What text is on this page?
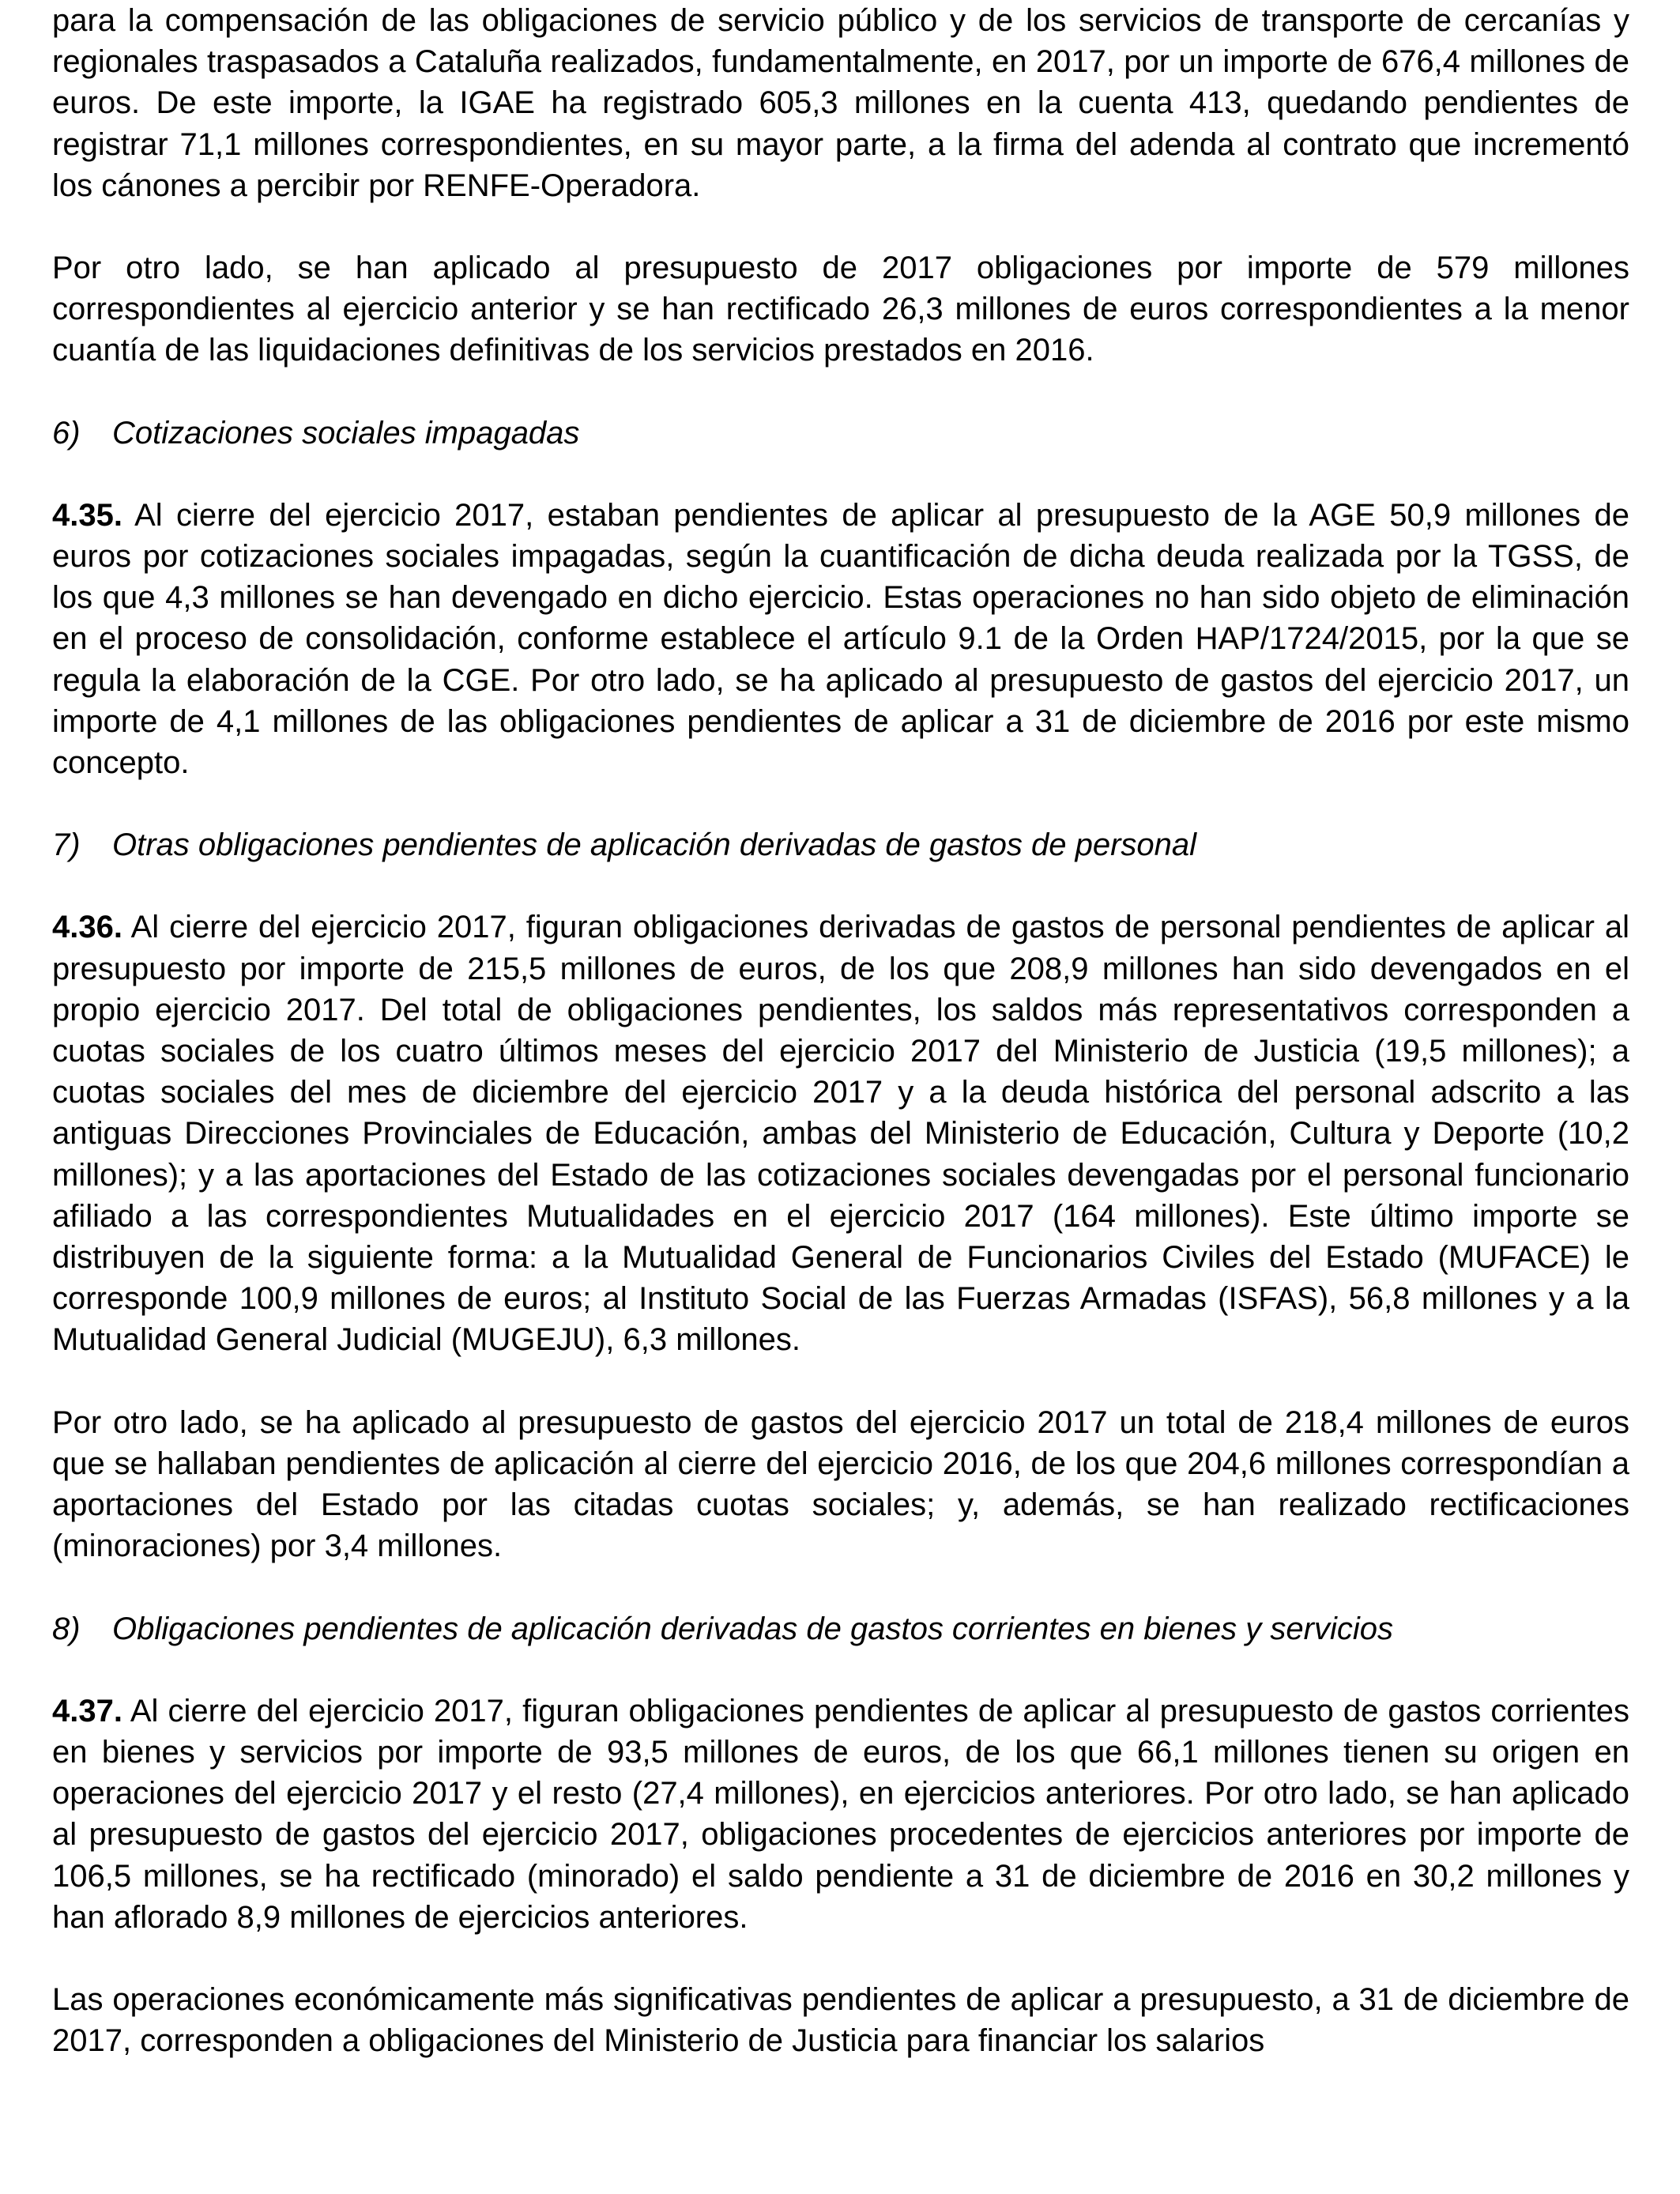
para la compensación de las obligaciones de servicio público y de los servicios de transporte de cercanías y regionales traspasados a Cataluña realizados, fundamentalmente, en 2017, por un importe de 676,4 millones de euros. De este importe, la IGAE ha registrado 605,3 millones en la cuenta 413, quedando pendientes de registrar 71,1 millones correspondientes, en su mayor parte, a la firma del adenda al contrato que incrementó los cánones a percibir por RENFE-Operadora.

Por otro lado, se han aplicado al presupuesto de 2017 obligaciones por importe de 579 millones correspondientes al ejercicio anterior y se han rectificado 26,3 millones de euros correspondientes a la menor cuantía de las liquidaciones definitivas de los servicios prestados en 2016.

6) Cotizaciones sociales impagadas

4.35. Al cierre del ejercicio 2017, estaban pendientes de aplicar al presupuesto de la AGE 50,9 millones de euros por cotizaciones sociales impagadas, según la cuantificación de dicha deuda realizada por la TGSS, de los que 4,3 millones se han devengado en dicho ejercicio. Estas operaciones no han sido objeto de eliminación en el proceso de consolidación, conforme establece el artículo 9.1 de la Orden HAP/1724/2015, por la que se regula la elaboración de la CGE. Por otro lado, se ha aplicado al presupuesto de gastos del ejercicio 2017, un importe de 4,1 millones de las obligaciones pendientes de aplicar a 31 de diciembre de 2016 por este mismo concepto.

7) Otras obligaciones pendientes de aplicación derivadas de gastos de personal

4.36. Al cierre del ejercicio 2017, figuran obligaciones derivadas de gastos de personal pendientes de aplicar al presupuesto por importe de 215,5 millones de euros, de los que 208,9 millones han sido devengados en el propio ejercicio 2017. Del total de obligaciones pendientes, los saldos más representativos corresponden a cuotas sociales de los cuatro últimos meses del ejercicio 2017 del Ministerio de Justicia (19,5 millones); a cuotas sociales del mes de diciembre del ejercicio 2017 y a la deuda histórica del personal adscrito a las antiguas Direcciones Provinciales de Educación, ambas del Ministerio de Educación, Cultura y Deporte (10,2 millones); y a las aportaciones del Estado de las cotizaciones sociales devengadas por el personal funcionario afiliado a las correspondientes Mutualidades en el ejercicio 2017 (164 millones). Este último importe se distribuyen de la siguiente forma: a la Mutualidad General de Funcionarios Civiles del Estado (MUFACE) le corresponde 100,9 millones de euros; al Instituto Social de las Fuerzas Armadas (ISFAS), 56,8 millones y a la Mutualidad General Judicial (MUGEJU), 6,3 millones.

Por otro lado, se ha aplicado al presupuesto de gastos del ejercicio 2017 un total de 218,4 millones de euros que se hallaban pendientes de aplicación al cierre del ejercicio 2016, de los que 204,6 millones correspondían a aportaciones del Estado por las citadas cuotas sociales; y, además, se han realizado rectificaciones (minoraciones) por 3,4 millones.

8) Obligaciones pendientes de aplicación derivadas de gastos corrientes en bienes y servicios

4.37. Al cierre del ejercicio 2017, figuran obligaciones pendientes de aplicar al presupuesto de gastos corrientes en bienes y servicios por importe de 93,5 millones de euros, de los que 66,1 millones tienen su origen en operaciones del ejercicio 2017 y el resto (27,4 millones), en ejercicios anteriores. Por otro lado, se han aplicado al presupuesto de gastos del ejercicio 2017, obligaciones procedentes de ejercicios anteriores por importe de 106,5 millones, se ha rectificado (minorado) el saldo pendiente a 31 de diciembre de 2016 en 30,2 millones y han aflorado 8,9 millones de ejercicios anteriores.

Las operaciones económicamente más significativas pendientes de aplicar a presupuesto, a 31 de diciembre de 2017, corresponden a obligaciones del Ministerio de Justicia para financiar los salarios
